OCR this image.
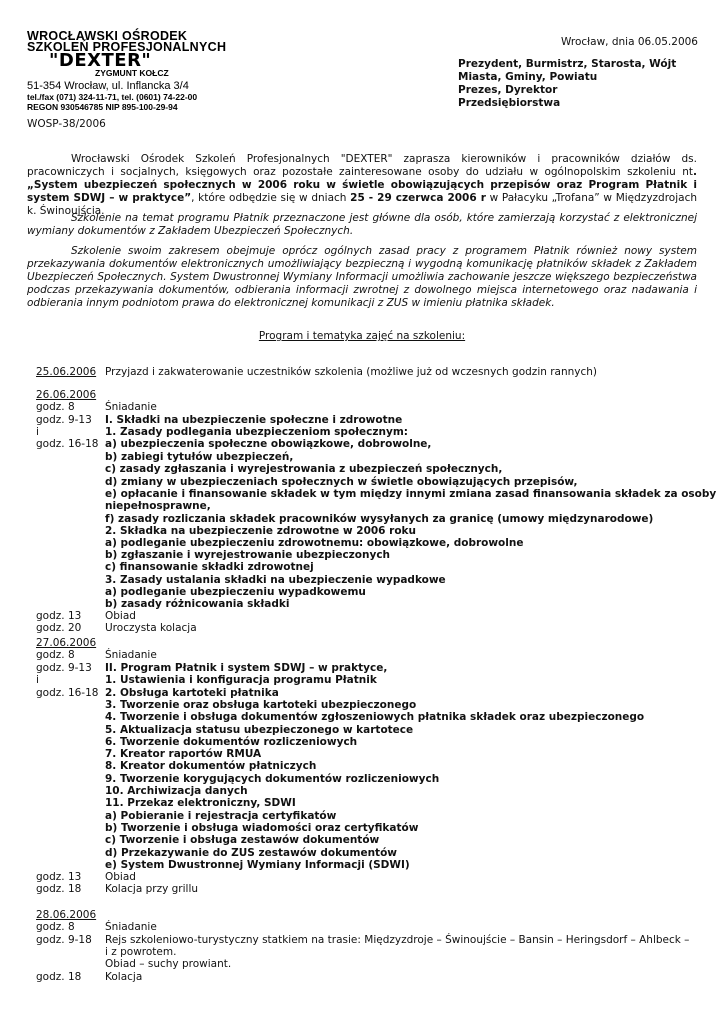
WROCŁAWSKI OŚRODEK
SZKOLEŃ PROFESJONALNYCH
"DEXTER"
ZYGMUNT KOŁCZ
51-354 Wrocław, ul. Inflancka 3/4
tel./fax (071) 324-11-71, tel. (0601) 74-22-00
REGON 930546785 NIP 895-100-29-94
Wrocław, dnia 06.05.2006
Prezydent, Burmistrz, Starosta, Wójt
Miasta, Gminy, Powiatu
Prezes, Dyrektor
Przedsiębiorstwa
WOSP-38/2006
Wrocławski Ośrodek Szkoleń Profesjonalnych "DEXTER" zaprasza kierowników i pracowników działów ds. pracowniczych i socjalnych, księgowych oraz pozostałe zainteresowane osoby do udziału w ogólnopolskim szkoleniu nt. „System ubezpieczeń społecznych w 2006 roku w świetle obowiązujących przepisów oraz Program Płatnik i system SDWJ – w praktyce”, które odbędzie się w dniach 25 - 29 czerwca 2006 r w Pałacyku „Trofana” w Międzyzdrojach k. Świnoujścia.
Szkolenie na temat programu Płatnik przeznaczone jest główne dla osób, które zamierzają korzystać z elektronicznej wymiany dokumentów z Zakładem Ubezpieczeń Społecznych.
Szkolenie swoim zakresem obejmuje oprócz ogólnych zasad pracy z programem Płatnik również nowy system przekazywania dokumentów elektronicznych umożliwiający bezpieczną i wygodną komunikację płatników składek z Zakładem Ubezpieczeń Społecznych. System Dwustronnej Wymiany Informacji umożliwia zachowanie jeszcze większego bezpieczeństwa podczas przekazywania dokumentów, odbierania informacji zwrotnej z dowolnego miejsca internetowego oraz nadawania i odbierania innym podniotom prawa do elektronicznej komunikacji z ZUS w imieniu płatnika składek.
Program i tematyka zajęć na szkoleniu:
25.06.2006 Przyjazd i zakwaterowanie uczestników szkolenia (możliwe już od wczesnych godzin rannych)
26.06.2006
godz. 8	Śniadanie
godz. 9-13 I. Składki na ubezpieczenie społeczne i zdrowotne
i	1. Zasady podlegania ubezpieczeniom społecznym:
godz. 16-18 a) ubezpieczenia społeczne obowiązkowe, dobrowolne,
b) zabiegi tytułów ubezpieczeń,
c) zasady zgłaszania i wyrejestrowania z ubezpieczeń społecznych,
d) zmiany w ubezpieczeniach społecznych w świetle obowiązujących przepisów,
e) opłacanie i finansowanie składek w tym między innymi zmiana zasad finansowania składek za osoby
niepełnosprawne,
f) zasady rozliczania składek pracowników wysyłanych za granicę (umowy międzynarodowe)
2. Składka na ubezpieczenie zdrowotne w 2006 roku
a) podleganie ubezpieczeniu zdrowotnemu: obowiązkowe, dobrowolne
b) zgłaszanie i wyrejestrowanie ubezpieczonych
c) finansowanie składki zdrowotnej
3. Zasady ustalania składki na ubezpieczenie wypadkowe
a) podleganie ubezpieczeniu wypadkowemu
b) zasady różnicowania składki
godz. 13 Obiad
godz. 20 Uroczysta kolacja
27.06.2006
godz. 8	Śniadanie
godz. 9-13 II. Program Płatnik i system SDWJ – w praktyce,
i	1. Ustawienia i konfiguracja programu Płatnik
godz. 16-18 2. Obsługa kartoteki płatnika
3. Tworzenie oraz obsługa kartoteki ubezpieczonego
4. Tworzenie i obsługa dokumentów zgłoszeniowych płatnika składek oraz ubezpieczonego
5. Aktualizacja statusu ubezpieczonego w kartotece
6. Tworzenie dokumentów rozliczeniowych
7. Kreator raportów RMUA
8. Kreator dokumentów płatniczych
9. Tworzenie korygujących dokumentów rozliczeniowych
10. Archiwizacja danych
11. Przekaz elektroniczny, SDWI
a) Pobieranie i rejestracja certyfikatów
b) Tworzenie i obsługa wiadomości oraz certyfikatów
c) Tworzenie i obsługa zestawów dokumentów
d) Przekazywanie do ZUS zestawów dokumentów
e) System Dwustronnej Wymiany Informacji (SDWI)
godz. 13 Obiad
godz. 18 Kolacja przy grillu
28.06.2006
godz. 8	Śniadanie
godz. 9-18 Rejs szkoleniowo-turystyczny statkiem na trasie: Międzyzdroje – Świnoujście – Bansin – Heringsdorf – Ahlbeck –
i z powrotem.
Obiad – suchy prowiant.
godz. 18 Kolacja
